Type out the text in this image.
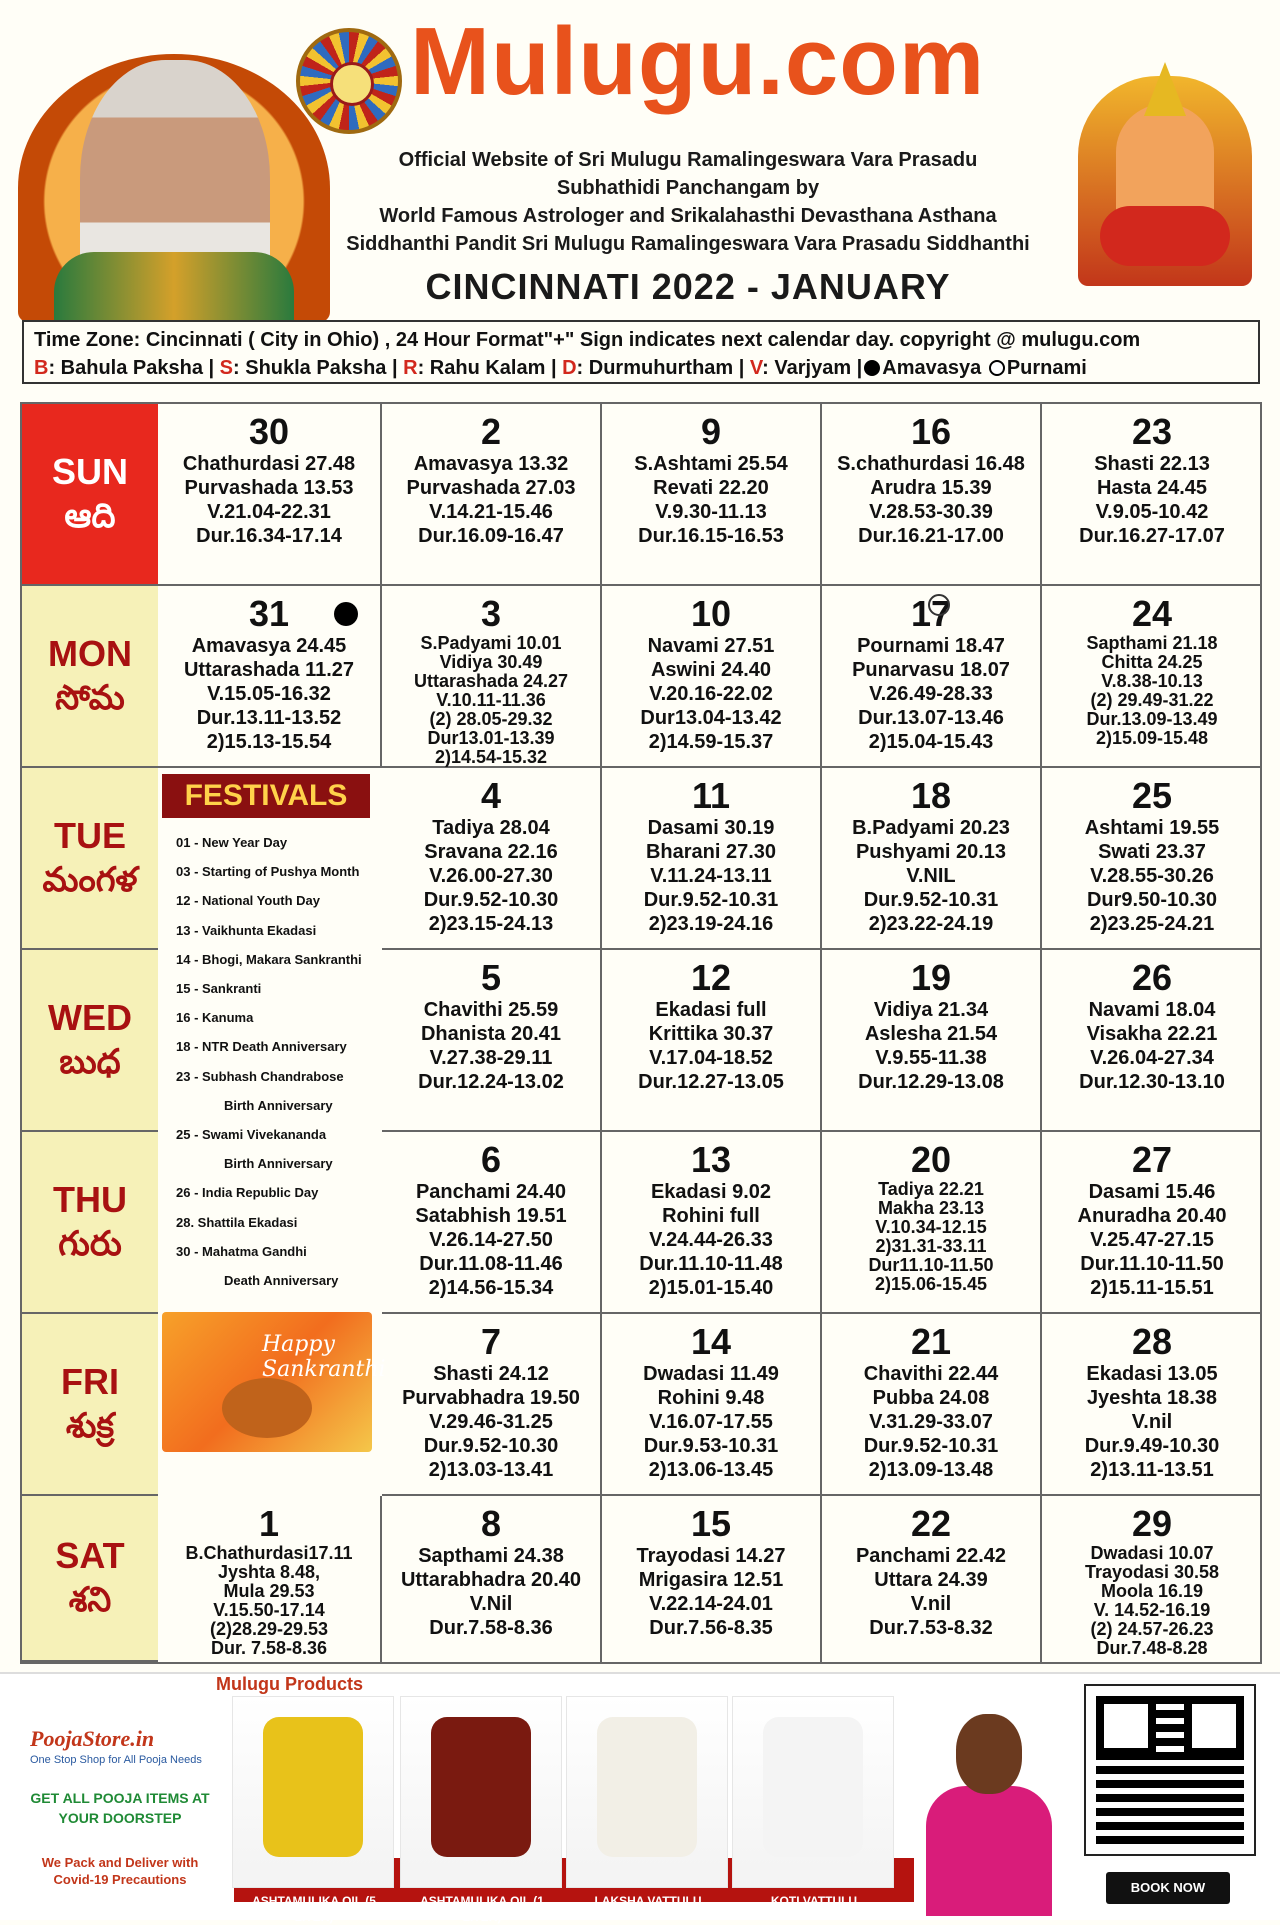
Mulugu.com
Official Website of Sri Mulugu Ramalingeswara Vara Prasadu
Subhathidi Panchangam by
World Famous Astrologer and Srikalahasthi Devasthana Asthana
Siddhanthi Pandit Sri Mulugu Ramalingeswara Vara Prasadu Siddhanthi
CINCINNATI 2022 - JANUARY
Time Zone: Cincinnati ( City in Ohio) , 24 Hour Format"+" Sign indicates next calendar day. copyright @ mulugu.com
B: Bahula Paksha | S: Shukla Paksha | R: Rahu Kalam | D: Durmuhurtham | V: Varjyam | Amavasya Purnami
SUN
ఆది
MON
సోమ
TUE
మంగళ
WED
బుధ
THU
గురు
FRI
శుక్ర
SAT
శని
30
Chathurdasi 27.48
Purvashada 13.53
V.21.04-22.31
Dur.16.34-17.14
2
Amavasya 13.32
Purvashada 27.03
V.14.21-15.46
Dur.16.09-16.47
9
S.Ashtami 25.54
Revati 22.20
V.9.30-11.13
Dur.16.15-16.53
16
S.chathurdasi 16.48
Arudra 15.39
V.28.53-30.39
Dur.16.21-17.00
23
Shasti 22.13
Hasta 24.45
V.9.05-10.42
Dur.16.27-17.07
31
Amavasya 24.45
Uttarashada 11.27
V.15.05-16.32
Dur.13.11-13.52
2)15.13-15.54
3
S.Padyami 10.01
Vidiya 30.49
Uttarashada 24.27
V.10.11-11.36
(2) 28.05-29.32
Dur13.01-13.39
2)14.54-15.32
10
Navami 27.51
Aswini 24.40
V.20.16-22.02
Dur13.04-13.42
2)14.59-15.37
17
Pournami 18.47
Punarvasu 18.07
V.26.49-28.33
Dur.13.07-13.46
2)15.04-15.43
24
Sapthami 21.18
Chitta 24.25
V.8.38-10.13
(2) 29.49-31.22
Dur.13.09-13.49
2)15.09-15.48
4
Tadiya 28.04
Sravana 22.16
V.26.00-27.30
Dur.9.52-10.30
2)23.15-24.13
11
Dasami 30.19
Bharani 27.30
V.11.24-13.11
Dur.9.52-10.31
2)23.19-24.16
18
B.Padyami 20.23
Pushyami 20.13
V.NIL
Dur.9.52-10.31
2)23.22-24.19
25
Ashtami 19.55
Swati 23.37
V.28.55-30.26
Dur9.50-10.30
2)23.25-24.21
5
Chavithi 25.59
Dhanista 20.41
V.27.38-29.11
Dur.12.24-13.02
12
Ekadasi full
Krittika 30.37
V.17.04-18.52
Dur.12.27-13.05
19
Vidiya 21.34
Aslesha 21.54
V.9.55-11.38
Dur.12.29-13.08
26
Navami 18.04
Visakha 22.21
V.26.04-27.34
Dur.12.30-13.10
6
Panchami 24.40
Satabhish 19.51
V.26.14-27.50
Dur.11.08-11.46
2)14.56-15.34
13
Ekadasi 9.02
Rohini full
V.24.44-26.33
Dur.11.10-11.48
2)15.01-15.40
20
Tadiya 22.21
Makha 23.13
V.10.34-12.15
2)31.31-33.11
Dur11.10-11.50
2)15.06-15.45
27
Dasami 15.46
Anuradha 20.40
V.25.47-27.15
Dur.11.10-11.50
2)15.11-15.51
7
Shasti 24.12
Purvabhadra 19.50
V.29.46-31.25
Dur.9.52-10.30
2)13.03-13.41
14
Dwadasi 11.49
Rohini 9.48
V.16.07-17.55
Dur.9.53-10.31
2)13.06-13.45
21
Chavithi 22.44
Pubba 24.08
V.31.29-33.07
Dur.9.52-10.31
2)13.09-13.48
28
Ekadasi 13.05
Jyeshta 18.38
V.nil
Dur.9.49-10.30
2)13.11-13.51
1
B.Chathurdasi17.11
Jyshta 8.48,
Mula 29.53
V.15.50-17.14
(2)28.29-29.53
Dur. 7.58-8.36
8
Sapthami 24.38
Uttarabhadra 20.40
V.Nil
Dur.7.58-8.36
15
Trayodasi 14.27
Mrigasira 12.51
V.22.14-24.01
Dur.7.56-8.35
22
Panchami 22.42
Uttara 24.39
V.nil
Dur.7.53-8.32
29
Dwadasi 10.07
Trayodasi 30.58
Moola 16.19
V. 14.52-16.19
(2) 24.57-26.23
Dur.7.48-8.28
FESTIVALS
01 - New Year Day
03 - Starting of Pushya Month
12 - National Youth Day
13 - Vaikhunta Ekadasi
14 - Bhogi, Makara Sankranthi
15 - Sankranti
16 - Kanuma
18 - NTR Death Anniversary
23 - Subhash Chandrabose
Birth Anniversary
25 - Swami Vivekananda
Birth Anniversary
26 - India Republic Day
28. Shattila Ekadasi
30 - Mahatma Gandhi
Death Anniversary
Happy Sankranthi
Mulugu Products
PoojaStore.in
One Stop Shop for All Pooja Needs
GET ALL POOJA ITEMS AT YOUR DOORSTEP
We Pack and Deliver with Covid-19 Precautions
ASHTAMULIKA OIL (5 LITER)
ASHTAMULIKA OIL (1 LITER)
LAKSHA VATTULU	KOTI VATTULU
BOOK NOW
